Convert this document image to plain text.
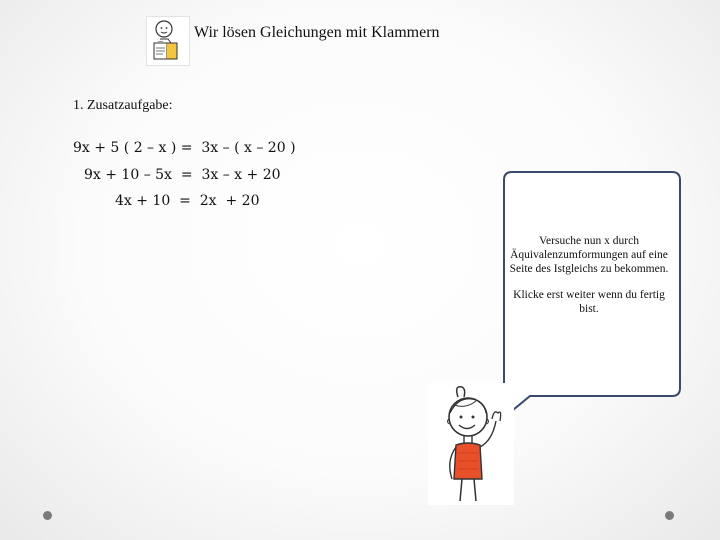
Wir lösen Gleichungen mit Klammern
1. Zusatzaufgabe:
9x + 5 ( 2 – x ) =  3x – ( x – 20 )
9x + 10 – 5x  =  3x – x + 20
4x + 10  =  2x  + 20

Versuche nun x durch Äquivalenzumformungen auf eine Seite des Istgleichs zu bekommen.

Klicke erst weiter wenn du fertig bist.
